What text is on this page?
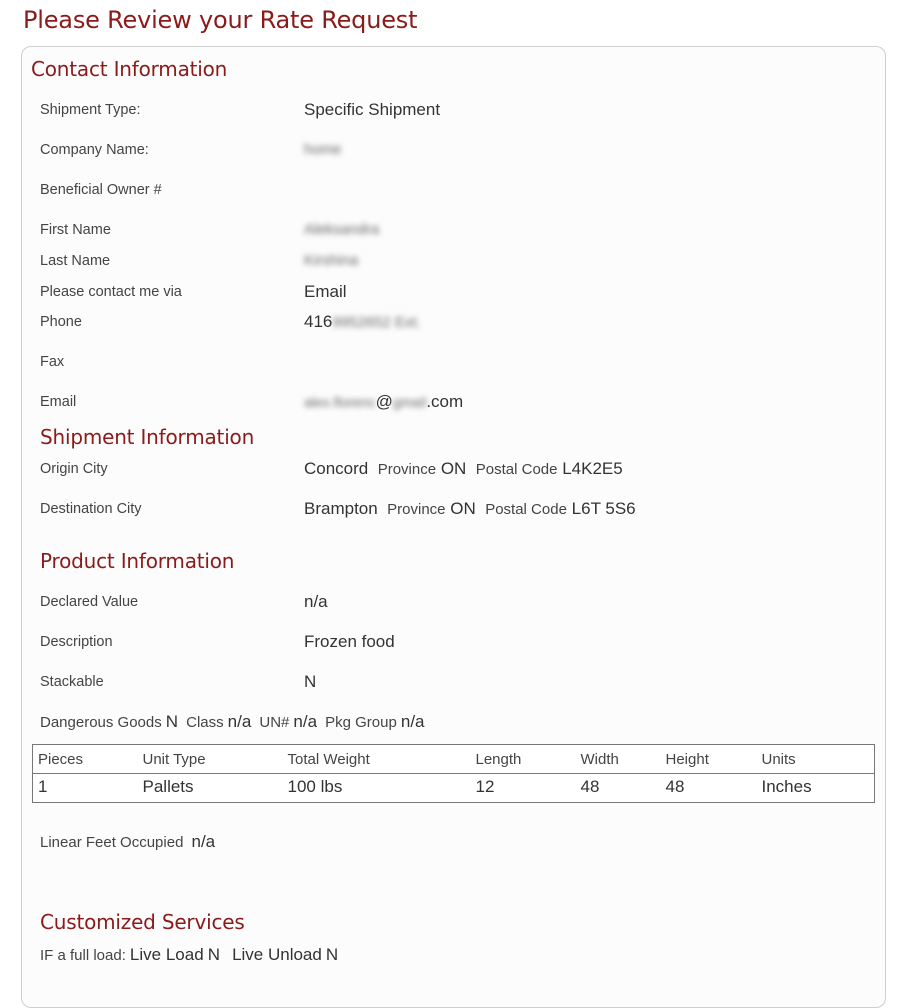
Please Review your Rate Request
Contact Information
Shipment Type:	Specific Shipment
Company Name:	home
Beneficial Owner #
First Name	Aleksandra
Last Name	Kirshina
Please contact me via	Email
Phone	4169952652 Ext.
Fax
Email	alex.florenc@gmail.com
Shipment Information
Origin City	Concord Province ON Postal Code L4K2E5
Destination City	Brampton Province ON Postal Code L6T 5S6
Product Information
Declared Value	n/a
Description	Frozen food
Stackable	N
Dangerous Goods N Class n/a UN# n/a Pkg Group n/a
Pieces	Unit Type	Total Weight	Length	Width	Height	Units
1	Pallets	100 lbs	12	48	48	Inches
Linear Feet Occupied n/a
Customized Services
IF a full load: Live Load N Live Unload N
